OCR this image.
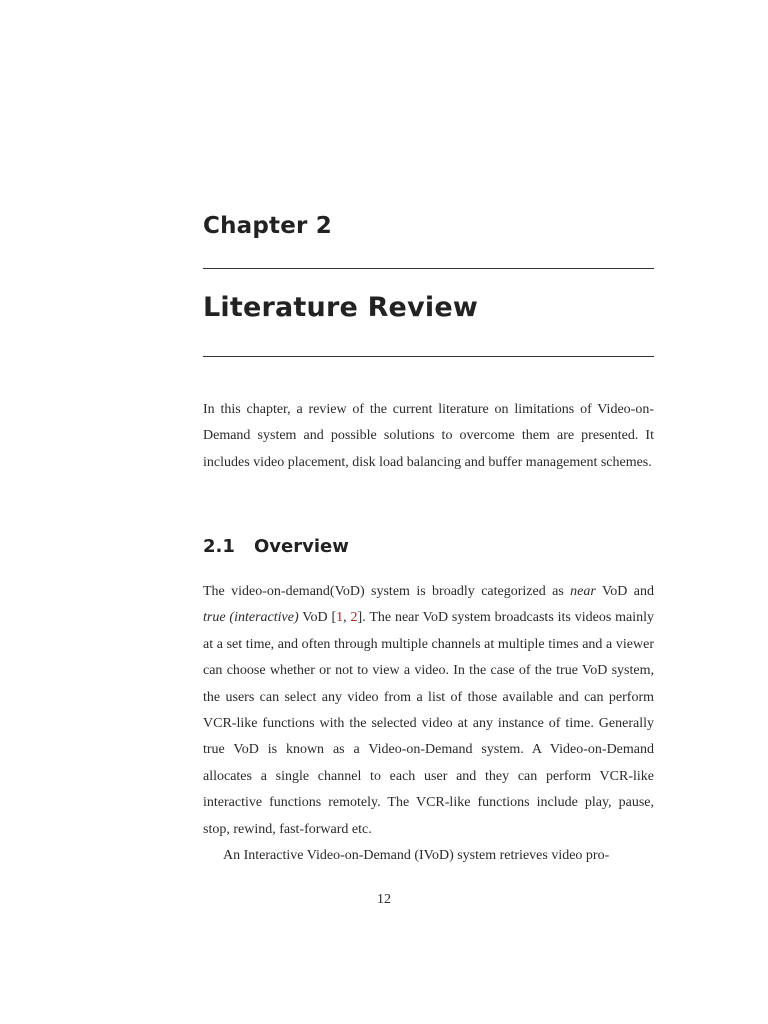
Chapter 2
Literature Review

In this chapter, a review of the current literature on limitations of Video-on-Demand system and possible solutions to overcome them are presented. It includes video placement, disk load balancing and buffer management schemes.

2.1 Overview

The video-on-demand(VoD) system is broadly categorized as near VoD and true (interactive) VoD [1, 2]. The near VoD system broadcasts its videos mainly at a set time, and often through multiple channels at multiple times and a viewer can choose whether or not to view a video. In the case of the true VoD system, the users can select any video from a list of those available and can perform VCR-like functions with the selected video at any instance of time. Generally true VoD is known as a Video-on-Demand system. A Video-on-Demand allocates a single channel to each user and they can perform VCR-like interactive functions remotely. The VCR-like functions include play, pause, stop, rewind, fast-forward etc.

An Interactive Video-on-Demand (IVoD) system retrieves video pro-

12
